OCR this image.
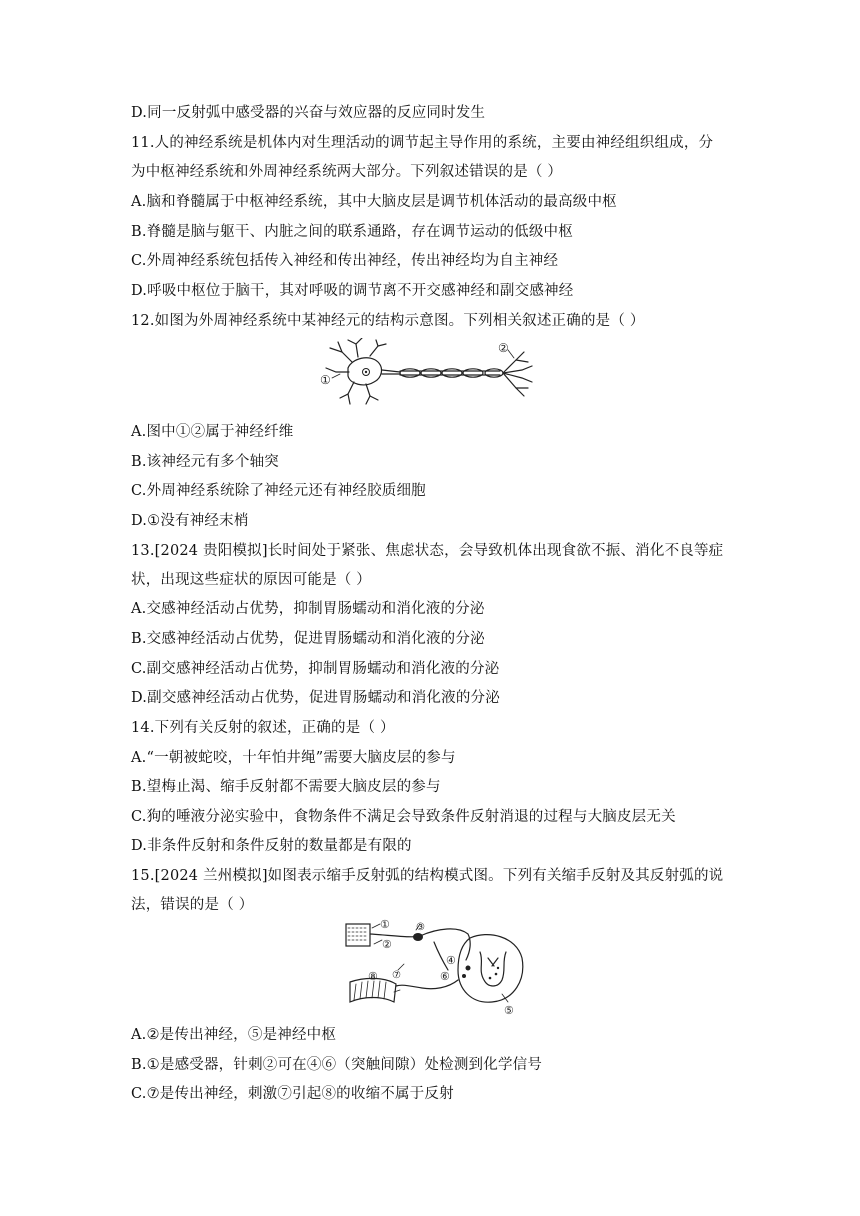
D.同一反射弧中感受器的兴奋与效应器的反应同时发生
11.人的神经系统是机体内对生理活动的调节起主导作用的系统，主要由神经组织组成，分
为中枢神经系统和外周神经系统两大部分。下列叙述错误的是（ ）
A.脑和脊髓属于中枢神经系统，其中大脑皮层是调节机体活动的最高级中枢
B.脊髓是脑与躯干、内脏之间的联系通路，存在调节运动的低级中枢
C.外周神经系统包括传入神经和传出神经，传出神经均为自主神经
D.呼吸中枢位于脑干，其对呼吸的调节离不开交感神经和副交感神经
12.如图为外周神经系统中某神经元的结构示意图。下列相关叙述正确的是（ ）
①
②
A.图中①②属于神经纤维
B.该神经元有多个轴突
C.外周神经系统除了神经元还有神经胶质细胞
D.①没有神经末梢
13.[2024 贵阳模拟]长时间处于紧张、焦虑状态，会导致机体出现食欲不振、消化不良等症
状，出现这些症状的原因可能是（ ）
A.交感神经活动占优势，抑制胃肠蠕动和消化液的分泌
B.交感神经活动占优势，促进胃肠蠕动和消化液的分泌
C.副交感神经活动占优势，抑制胃肠蠕动和消化液的分泌
D.副交感神经活动占优势，促进胃肠蠕动和消化液的分泌
14.下列有关反射的叙述，正确的是（ ）
A.“一朝被蛇咬，十年怕井绳”需要大脑皮层的参与
B.望梅止渴、缩手反射都不需要大脑皮层的参与
C.狗的唾液分泌实验中，食物条件不满足会导致条件反射消退的过程与大脑皮层无关
D.非条件反射和条件反射的数量都是有限的
15.[2024 兰州模拟]如图表示缩手反射弧的结构模式图。下列有关缩手反射及其反射弧的说
法，错误的是（ ）
①
②
③
④
⑤
⑥
⑦
⑧
A.②是传出神经，⑤是神经中枢
B.①是感受器，针刺②可在④⑥（突触间隙）处检测到化学信号
C.⑦是传出神经，刺激⑦引起⑧的收缩不属于反射
